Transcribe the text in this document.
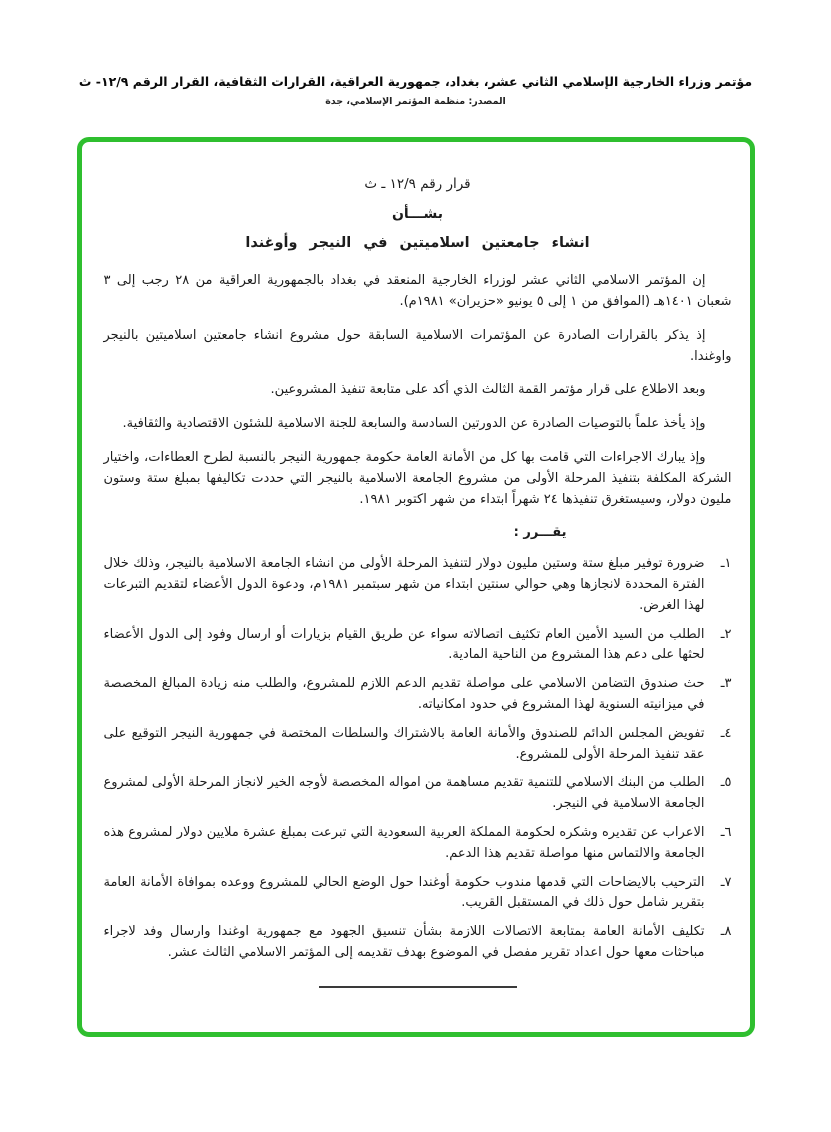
مؤتمر وزراء الخارجية الإسلامي الثاني عشر، بغداد، جمهورية العراقية، القرارات الثقافية، القرار الرقم ١٢/٩- ث
المصدر: منظمة المؤتمر الإسلامي، جدة
قرار رقم ١٢/٩ ـ ث
بشـــأن
انشاء جامعتين اسلاميتين في النيجر وأوغندا

إن المؤتمر الاسلامي الثاني عشر لوزراء الخارجية المنعقد في بغداد بالجمهورية العراقية من ٢٨ رجب إلى ٣ شعبان ١٤٠١هـ (الموافق من ١ إلى ٥ يونيو «حزيران» ١٩٨١م).

إذ يذكر بالقرارات الصادرة عن المؤتمرات الاسلامية السابقة حول مشروع انشاء جامعتين اسلاميتين بالنيجر واوغندا.

وبعد الاطلاع على قرار مؤتمر القمة الثالث الذي أكد على متابعة تنفيذ المشروعين.

وإذ يأخذ علماً بالتوصيات الصادرة عن الدورتين السادسة والسابعة للجنة الاسلامية للشئون الاقتصادية والثقافية.

وإذ يبارك الاجراءات التي قامت بها كل من الأمانة العامة حكومة جمهورية النيجر بالنسبة لطرح العطاءات، واختيار الشركة المكلفة بتنفيذ المرحلة الأولى من مشروع الجامعة الاسلامية بالنيجر التي حددت تكاليفها بمبلغ ستة وستون مليون دولار، وسيستغرق تنفيذها ٢٤ شهراً ابتداء من شهر اكتوبر ١٩٨١.

يقـــرر :
١ـ
ضرورة توفير مبلغ ستة وستين مليون دولار لتنفيذ المرحلة الأولى من انشاء الجامعة الاسلامية بالنيجر، وذلك خلال الفترة المحددة لانجازها وهي حوالي سنتين ابتداء من شهر سبتمبر ١٩٨١م، ودعوة الدول الأعضاء لتقديم التبرعات لهذا الغرض.
٢ـ
الطلب من السيد الأمين العام تكثيف اتصالاته سواء عن طريق القيام بزيارات أو ارسال وفود إلى الدول الأعضاء لحثها على دعم هذا المشروع من الناحية المادية.
٣ـ
حث صندوق التضامن الاسلامي على مواصلة تقديم الدعم اللازم للمشروع، والطلب منه زيادة المبالغ المخصصة في ميزانيته السنوية لهذا المشروع في حدود امكانياته.
٤ـ
تفويض المجلس الدائم للصندوق والأمانة العامة بالاشتراك والسلطات المختصة في جمهورية النيجر التوقيع على عقد تنفيذ المرحلة الأولى للمشروع.
٥ـ
الطلب من البنك الاسلامي للتنمية تقديم مساهمة من امواله المخصصة لأوجه الخير لانجاز المرحلة الأولى لمشروع الجامعة الاسلامية في النيجر.
٦ـ
الاعراب عن تقديره وشكره لحكومة المملكة العربية السعودية التي تبرعت بمبلغ عشرة ملايين دولار لمشروع هذه الجامعة والالتماس منها مواصلة تقديم هذا الدعم.
٧ـ
الترحيب بالايضاحات التي قدمها مندوب حكومة أوغندا حول الوضع الحالي للمشروع ووعده بموافاة الأمانة العامة بتقرير شامل حول ذلك في المستقبل القريب.
٨ـ
تكليف الأمانة العامة بمتابعة الاتصالات اللازمة بشأن تنسيق الجهود مع جمهورية اوغندا وارسال وفد لاجراء مباحثات معها حول اعداد تقرير مفصل في الموضوع بهدف تقديمه إلى المؤتمر الاسلامي الثالث عشر.
